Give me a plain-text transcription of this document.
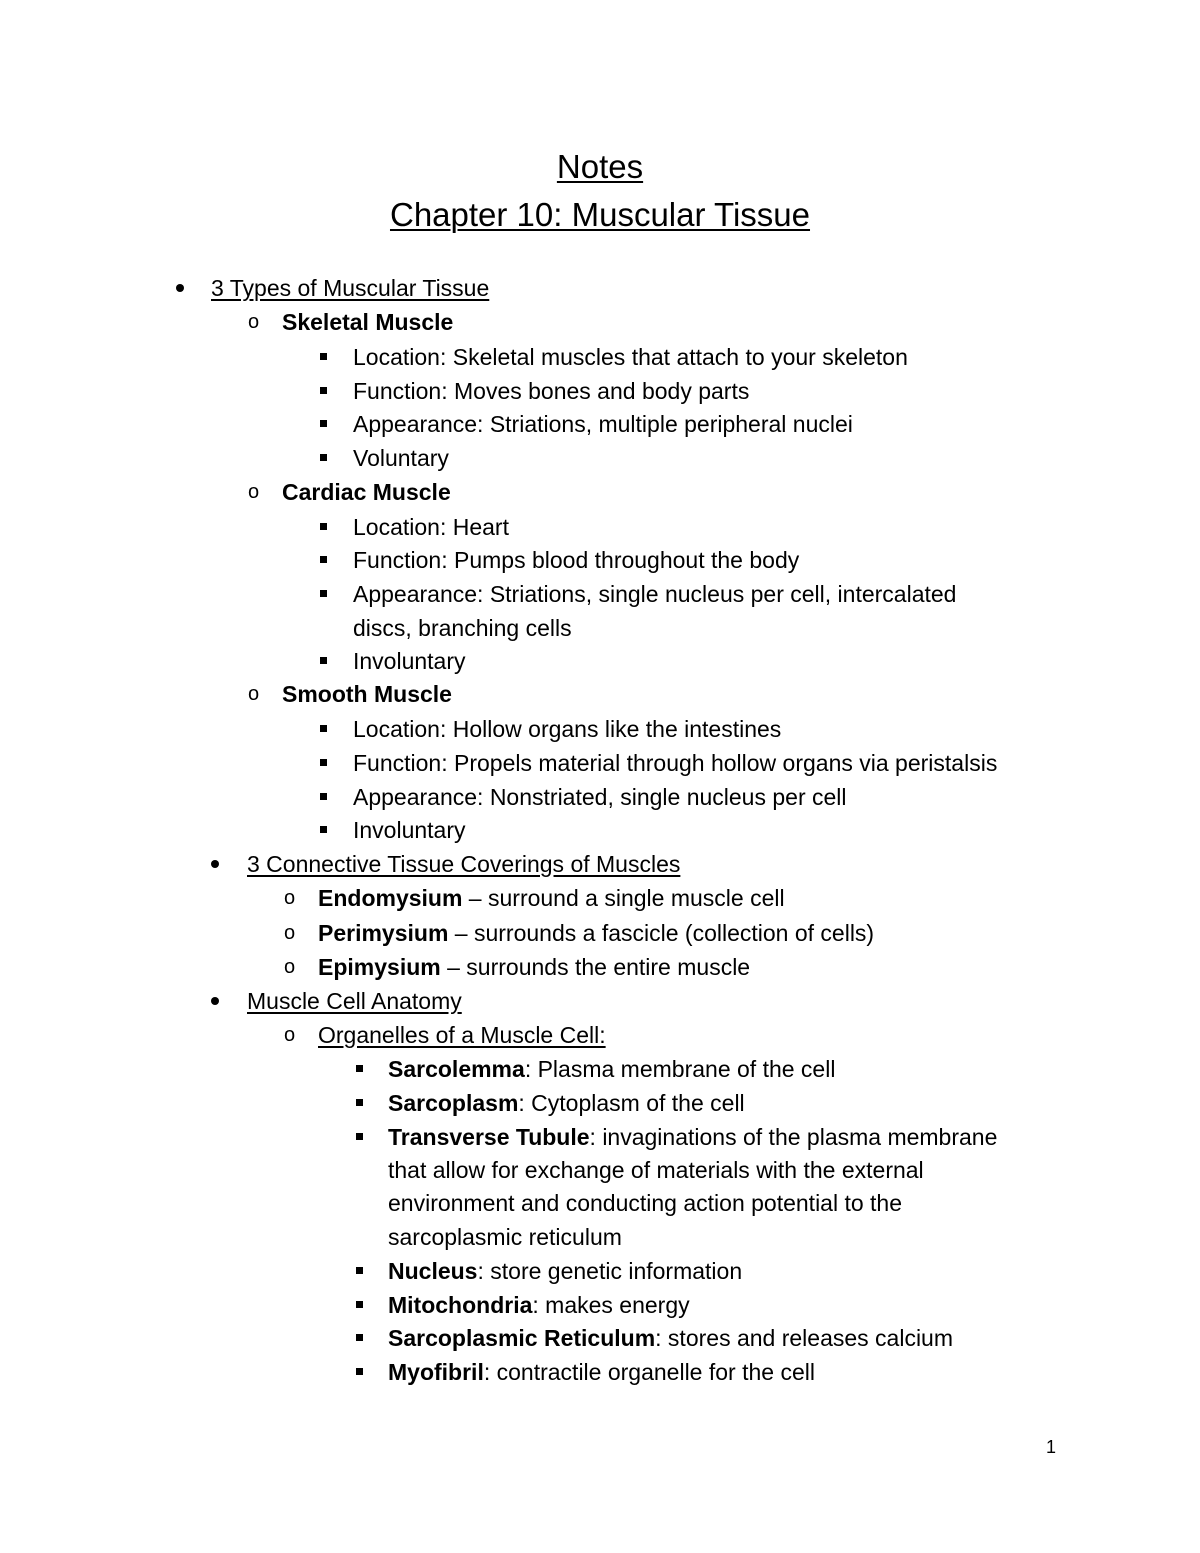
Notes
Chapter 10: Muscular Tissue
3 Types of Muscular Tissue
o Skeletal Muscle
Location: Skeletal muscles that attach to your skeleton
Function: Moves bones and body parts
Appearance: Striations, multiple peripheral nuclei
Voluntary
o Cardiac Muscle
Location: Heart
Function: Pumps blood throughout the body
Appearance: Striations, single nucleus per cell, intercalated
discs, branching cells
Involuntary
o Smooth Muscle
Location: Hollow organs like the intestines
Function: Propels material through hollow organs via peristalsis
Appearance: Nonstriated, single nucleus per cell
Involuntary
3 Connective Tissue Coverings of Muscles
o Endomysium – surround a single muscle cell
o Perimysium – surrounds a fascicle (collection of cells)
o Epimysium – surrounds the entire muscle
Muscle Cell Anatomy
o Organelles of a Muscle Cell:
Sarcolemma: Plasma membrane of the cell
Sarcoplasm: Cytoplasm of the cell
Transverse Tubule: invaginations of the plasma membrane
that allow for exchange of materials with the external
environment and conducting action potential to the
sarcoplasmic reticulum
Nucleus: store genetic information
Mitochondria: makes energy
Sarcoplasmic Reticulum: stores and releases calcium
Myofibril: contractile organelle for the cell
1
